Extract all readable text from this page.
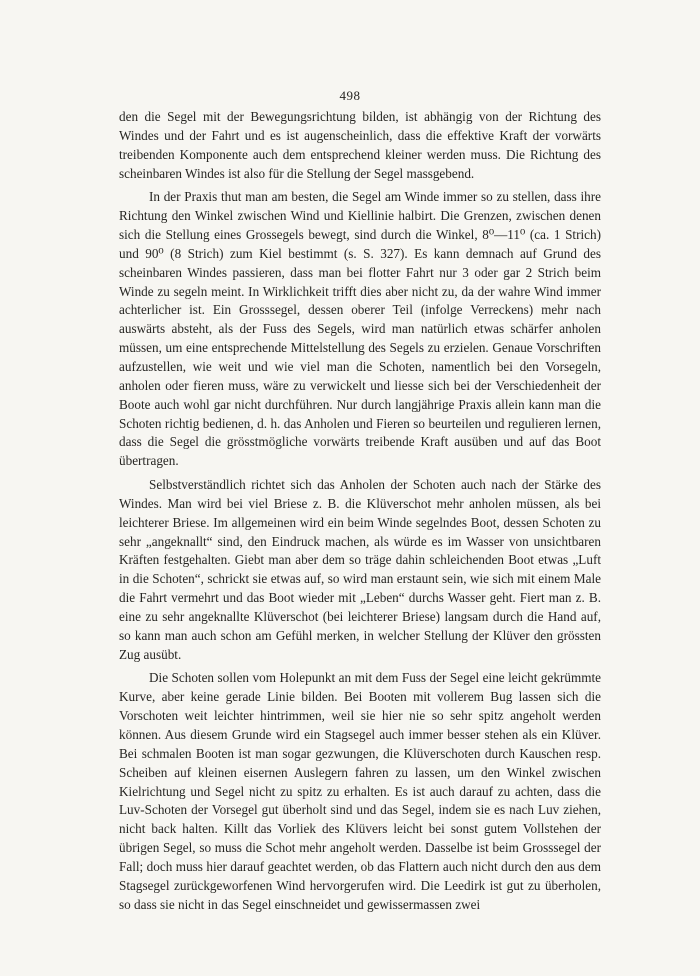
498

den die Segel mit der Bewegungsrichtung bilden, ist abhängig von der Richtung des Windes und der Fahrt und es ist augenscheinlich, dass die effektive Kraft der vorwärts treibenden Komponente auch dem entsprechend kleiner werden muss. Die Richtung des scheinbaren Windes ist also für die Stellung der Segel massgebend.

In der Praxis thut man am besten, die Segel am Winde immer so zu stellen, dass ihre Richtung den Winkel zwischen Wind und Kiellinie halbirt. Die Grenzen, zwischen denen sich die Stellung eines Grossegels bewegt, sind durch die Winkel, 8⁰—11⁰ (ca. 1 Strich) und 90⁰ (8 Strich) zum Kiel bestimmt (s. S. 327). Es kann demnach auf Grund des scheinbaren Windes passieren, dass man bei flotter Fahrt nur 3 oder gar 2 Strich beim Winde zu segeln meint. In Wirklichkeit trifft dies aber nicht zu, da der wahre Wind immer achterlicher ist. Ein Grosssegel, dessen oberer Teil (infolge Verreckens) mehr nach auswärts absteht, als der Fuss des Segels, wird man natürlich etwas schärfer anholen müssen, um eine entsprechende Mittelstellung des Segels zu erzielen. Genaue Vorschriften aufzustellen, wie weit und wie viel man die Schoten, namentlich bei den Vorsegeln, anholen oder fieren muss, wäre zu verwickelt und liesse sich bei der Verschiedenheit der Boote auch wohl gar nicht durchführen. Nur durch langjährige Praxis allein kann man die Schoten richtig bedienen, d. h. das Anholen und Fieren so beurteilen und regulieren lernen, dass die Segel die grösstmögliche vorwärts treibende Kraft ausüben und auf das Boot übertragen.

Selbstverständlich richtet sich das Anholen der Schoten auch nach der Stärke des Windes. Man wird bei viel Briese z. B. die Klüverschot mehr anholen müssen, als bei leichterer Briese. Im allgemeinen wird ein beim Winde segelndes Boot, dessen Schoten zu sehr „angeknallt“ sind, den Eindruck machen, als würde es im Wasser von unsichtbaren Kräften festgehalten. Giebt man aber dem so träge dahin schleichenden Boot etwas „Luft in die Schoten“, schrickt sie etwas auf, so wird man erstaunt sein, wie sich mit einem Male die Fahrt vermehrt und das Boot wieder mit „Leben“ durchs Wasser geht. Fiert man z. B. eine zu sehr angeknallte Klüverschot (bei leichterer Briese) langsam durch die Hand auf, so kann man auch schon am Gefühl merken, in welcher Stellung der Klüver den grössten Zug ausübt.

Die Schoten sollen vom Holepunkt an mit dem Fuss der Segel eine leicht gekrümmte Kurve, aber keine gerade Linie bilden. Bei Booten mit vollerem Bug lassen sich die Vorschoten weit leichter hintrimmen, weil sie hier nie so sehr spitz angeholt werden können. Aus diesem Grunde wird ein Stagsegel auch immer besser stehen als ein Klüver. Bei schmalen Booten ist man sogar gezwungen, die Klüverschoten durch Kauschen resp. Scheiben auf kleinen eisernen Auslegern fahren zu lassen, um den Winkel zwischen Kielrichtung und Segel nicht zu spitz zu erhalten. Es ist auch darauf zu achten, dass die Luv-Schoten der Vorsegel gut überholt sind und das Segel, indem sie es nach Luv ziehen, nicht back halten. Killt das Vorliek des Klüvers leicht bei sonst gutem Vollstehen der übrigen Segel, so muss die Schot mehr angeholt werden. Dasselbe ist beim Grosssegel der Fall; doch muss hier darauf geachtet werden, ob das Flattern auch nicht durch den aus dem Stagsegel zurückgeworfenen Wind hervorgerufen wird. Die Leedirk ist gut zu überholen, so dass sie nicht in das Segel einschneidet und gewissermassen zwei
